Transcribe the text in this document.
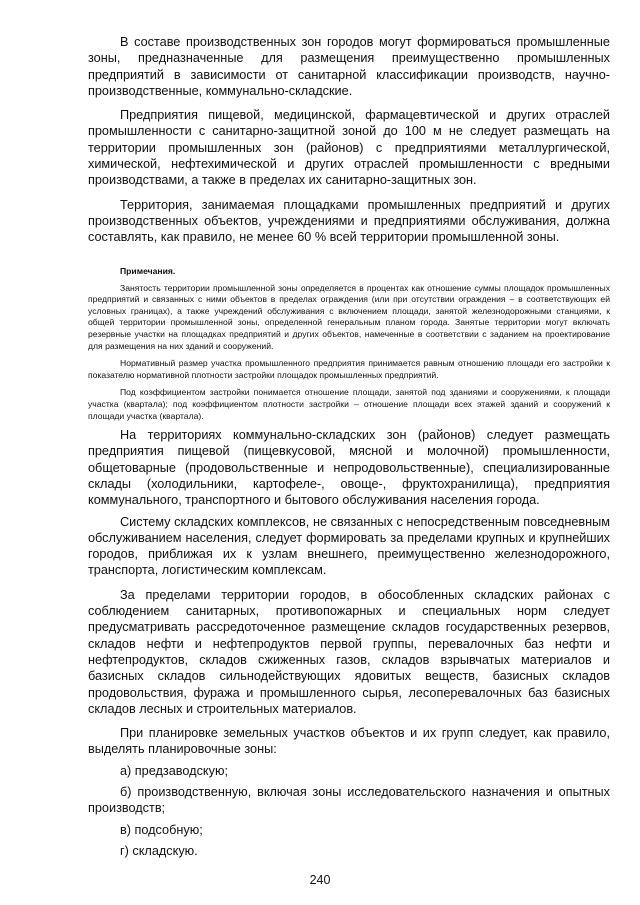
В составе производственных зон городов могут формироваться промышленные зоны, предназначенные для размещения преимущественно промышленных предприятий в зависимости от санитарной классификации производств, научно-производственные, коммунально-складские.

Предприятия пищевой, медицинской, фармацевтической и других отраслей промышленности с санитарно-защитной зоной до 100 м не следует размещать на территории промышленных зон (районов) с предприятиями металлургической, химической, нефтехимической и других отраслей промышленности с вредными производствами, а также в пределах их санитарно-защитных зон.

Территория, занимаемая площадками промышленных предприятий и других производственных объектов, учреждениями и предприятиями обслуживания, должна составлять, как правило, не менее 60 % всей территории промышленной зоны.

Примечания.

Занятость территории промышленной зоны определяется в процентах как отношение суммы площадок промышленных предприятий и связанных с ними объектов в пределах ограждения (или при отсутствии ограждения – в соответствующих ей условных границах), а также учреждений обслуживания с включением площади, занятой железнодорожными станциями, к общей территории промышленной зоны, определенной генеральным планом города. Занятые территории могут включать резервные участки на площадках предприятий и других объектов, намеченные в соответствии с заданием на проектирование для размещения на них зданий и сооружений.

Нормативный размер участка промышленного предприятия принимается равным отношению площади его застройки к показателю нормативной плотности застройки площадок промышленных предприятий.

Под коэффициентом застройки понимается отношение площади, занятой под зданиями и сооружениями, к площади участка (квартала); под коэффициентом плотности застройки – отношение площади всех этажей зданий и сооружений к площади участка (квартала).

На территориях коммунально-складских зон (районов) следует размещать предприятия пищевой (пищевкусовой, мясной и молочной) промышленности, общетоварные (продовольственные и непродовольственные), специализированные склады (холодильники, картофеле-, овоще-, фруктохранилища), предприятия коммунального, транспортного и бытового обслуживания населения города.

Систему складских комплексов, не связанных с непосредственным повседневным обслуживанием населения, следует формировать за пределами крупных и крупнейших городов, приближая их к узлам внешнего, преимущественно железнодорожного, транспорта, логистическим комплексам.

За пределами территории городов, в обособленных складских районах с соблюдением санитарных, противопожарных и специальных норм следует предусматривать рассредоточенное размещение складов государственных резервов, складов нефти и нефтепродуктов первой группы, перевалочных баз нефти и нефтепродуктов, складов сжиженных газов, складов взрывчатых материалов и базисных складов сильнодействующих ядовитых веществ, базисных складов продовольствия, фуража и промышленного сырья, лесоперевалочных баз базисных складов лесных и строительных материалов.

При планировке земельных участков объектов и их групп следует, как правило, выделять планировочные зоны:

а) предзаводскую;

б) производственную, включая зоны исследовательского назначения и опытных производств;

в) подсобную;

г) складскую.

240
